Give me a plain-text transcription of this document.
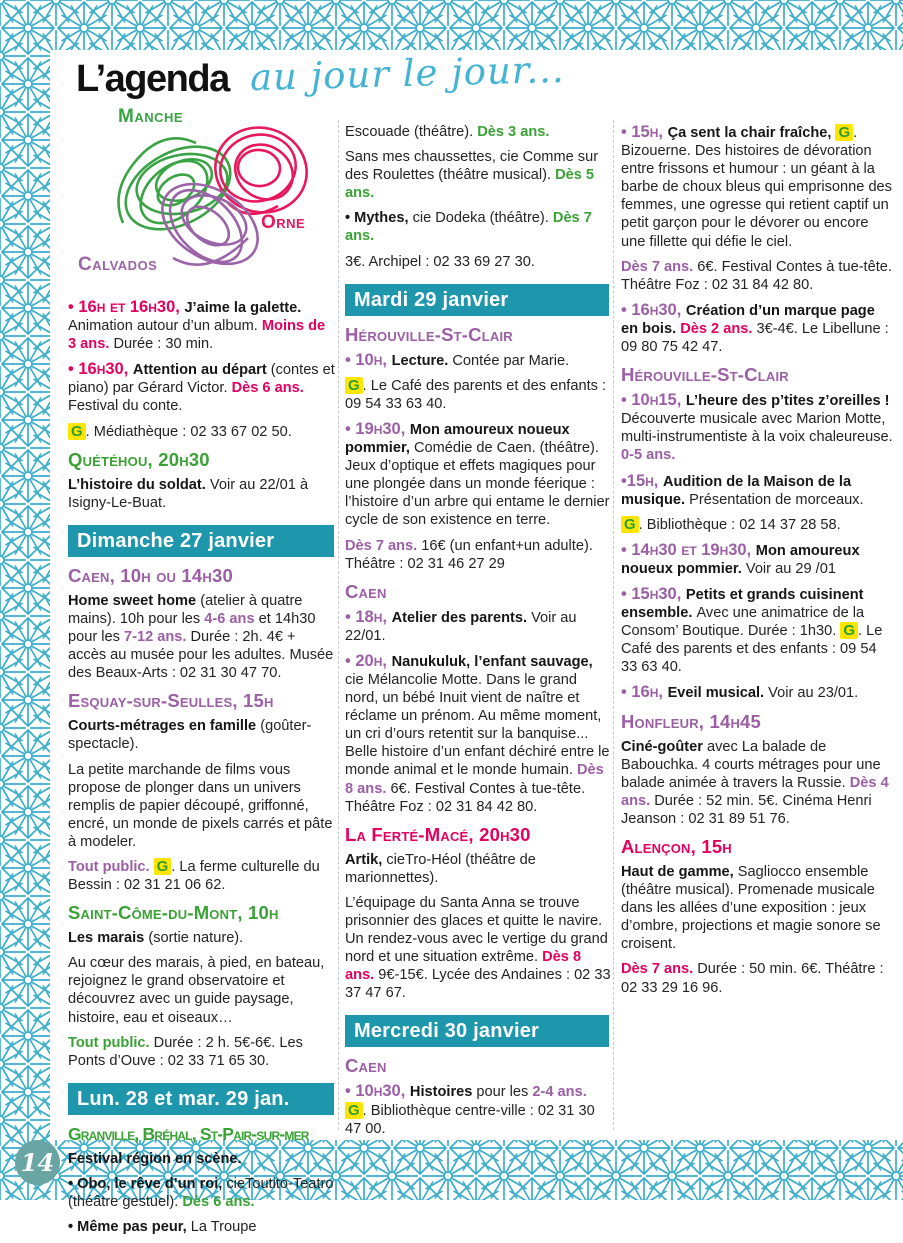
L’agenda au jour le jour...
Manche
Orne
Calvados
• 16h et 16h30, J’aime la galette. Animation autour d’un album. Moins de 3 ans. Durée : 30 min.
• 16h30, Attention au départ (contes et piano) par Gérard Victor. Dès 6 ans. Festival du conte.
G . Médiathèque : 02 33 67 02 50.
Quétéhou, 20h30
L’histoire du soldat. Voir au 22/01 à Isigny-Le-Buat.
Dimanche 27 janvier
Caen, 10h ou 14h30
Home sweet home (atelier à quatre mains). 10h pour les 4-6 ans et 14h30 pour les 7-12 ans. Durée : 2h. 4€ + accès au musée pour les adultes. Musée des Beaux-Arts : 02 31 30 47 70.
Esquay-sur-Seulles, 15h
Courts-métrages en famille (goûter-spectacle).
La petite marchande de films vous propose de plonger dans un univers remplis de papier découpé, griffonné, encré, un monde de pixels carrés et pâte à modeler.
Tout public. G . La ferme culturelle du Bessin : 02 31 21 06 62.
Saint-Côme-du-Mont, 10h
Les marais (sortie nature).
Au cœur des marais, à pied, en bateau, rejoignez le grand observatoire et découvrez avec un guide paysage, histoire, eau et oiseaux…
Tout public. Durée : 2 h. 5€-6€. Les Ponts d’Ouve : 02 33 71 65 30.
Lun. 28 et mar. 29 jan.
Granville, Bréhal, St-Pair-sur-mer
Festival région en scène.
• Obo, le rêve d’un roi, cieToutito-Teatro (théâtre gestuel). Dès 6 ans.
• Même pas peur, La Troupe
Escouade (théâtre). Dès 3 ans.
Sans mes chaussettes, cie Comme sur des Roulettes (théâtre musical). Dès 5 ans.
• Mythes, cie Dodeka (théâtre). Dès 7 ans.
3€. Archipel : 02 33 69 27 30.
Mardi 29 janvier
Hérouville-St-Clair
• 10h, Lecture. Contée par Marie.
G . Le Café des parents et des enfants : 09 54 33 63 40.
• 19h30, Mon amoureux noueux pommier, Comédie de Caen. (théâtre). Jeux d’optique et effets magiques pour une plongée dans un monde féerique : l’histoire d’un arbre qui entame le dernier cycle de son existence en terre.
Dès 7 ans. 16€ (un enfant+un adulte). Théâtre : 02 31 46 27 29
Caen
• 18h, Atelier des parents. Voir au 22/01.
• 20h, Nanukuluk, l’enfant sauvage, cie Mélancolie Motte. Dans le grand nord, un bébé Inuit vient de naître et réclame un prénom. Au même moment, un cri d’ours retentit sur la banquise... Belle histoire d’un enfant déchiré entre le monde animal et le monde humain. Dès 8 ans. 6€. Festival Contes à tue-tête. Théâtre Foz : 02 31 84 42 80.
La Ferté-Macé, 20h30
Artik, cieTro-Héol (théâtre de marionnettes).
L’équipage du Santa Anna se trouve prisonnier des glaces et quitte le navire. Un rendez-vous avec le vertige du grand nord et une situation extrême. Dès 8 ans. 9€-15€. Lycée des Andaines : 02 33 37 47 67.
Mercredi 30 janvier
Caen
• 10h30, Histoires pour les 2-4 ans. G . Bibliothèque centre-ville : 02 31 30 47 00.
• 15h, Ça sent la chair fraîche, G . Bizouerne. Des histoires de dévoration entre frissons et humour : un géant à la barbe de choux bleus qui emprisonne des femmes, une ogresse qui retient captif un petit garçon pour le dévorer ou encore une fillette qui défie le ciel.
Dès 7 ans. 6€. Festival Contes à tue-tête. Théâtre Foz : 02 31 84 42 80.
• 16h30, Création d’un marque page en bois. Dès 2 ans. 3€-4€. Le Libellune : 09 80 75 42 47.
Hérouville-St-Clair
• 10h15, L’heure des p’tites z’oreilles ! Découverte musicale avec Marion Motte, multi-instrumentiste à la voix chaleureuse. 0-5 ans.
•15h, Audition de la Maison de la musique. Présentation de morceaux.
G . Bibliothèque : 02 14 37 28 58.
• 14h30 et 19h30, Mon amoureux noueux pommier. Voir au 29 /01
• 15h30, Petits et grands cuisinent ensemble. Avec une animatrice de la Consom’ Boutique. Durée : 1h30. G . Le Café des parents et des enfants : 09 54 33 63 40.
• 16h, Eveil musical. Voir au 23/01.
Honfleur, 14h45
Ciné-goûter avec La balade de Babouchka. 4 courts métrages pour une balade animée à travers la Russie. Dès 4 ans. Durée : 52 min. 5€. Cinéma Henri Jeanson : 02 31 89 51 76.
Alençon, 15h
Haut de gamme, Sagliocco ensemble (théâtre musical). Promenade musicale dans les allées d’une exposition : jeux d’ombre, projections et magie sonore se croisent.
Dès 7 ans. Durée : 50 min. 6€. Théâtre : 02 33 29 16 96.
14
